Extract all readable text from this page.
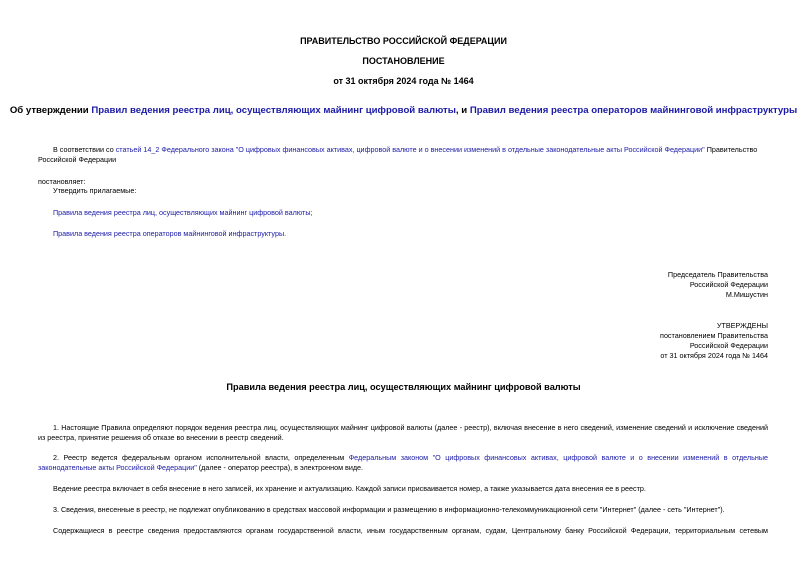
ПРАВИТЕЛЬСТВО РОССИЙСКОЙ ФЕДЕРАЦИИ
ПОСТАНОВЛЕНИЕ
от 31 октября 2024 года № 1464
Об утверждении Правил ведения реестра лиц, осуществляющих майнинг цифровой валюты, и Правил ведения реестра операторов майнинговой инфраструктуры
В соответствии со статьей 14_2 Федерального закона "О цифровых финансовых активах, цифровой валюте и о внесении изменений в отдельные законодательные акты Российской Федерации" Правительство
Российской Федерации
постановляет:
Утвердить прилагаемые:
Правила ведения реестра лиц, осуществляющих майнинг цифровой валюты;
Правила ведения реестра операторов майнинговой инфраструктуры.
Председатель Правительства
Российской Федерации
М.Мишустин
УТВЕРЖДЕНЫ
постановлением Правительства
Российской Федерации
от 31 октября 2024 года № 1464
Правила ведения реестра лиц, осуществляющих майнинг цифровой валюты
1. Настоящие Правила определяют порядок ведения реестра лиц, осуществляющих майнинг цифровой валюты (далее - реестр), включая внесение в него сведений, изменение сведений и исключение сведений из реестра, принятие решения об отказе во внесении в реестр сведений.
2. Реестр ведется федеральным органом исполнительной власти, определенным Федеральным законом "О цифровых финансовых активах, цифровой валюте и о внесении изменений в отдельные законодательные акты Российской Федерации" (далее - оператор реестра), в электронном виде.
Ведение реестра включает в себя внесение в него записей, их хранение и актуализацию. Каждой записи присваивается номер, а также указывается дата внесения ее в реестр.
3. Сведения, внесенные в реестр, не подлежат опубликованию в средствах массовой информации и размещению в информационно-телекоммуникационной сети "Интернет" (далее - сеть "Интернет").
Содержащиеся в реестре сведения предоставляются органам государственной власти, иным государственным органам, судам, Центральному банку Российской Федерации, территориальным сетевым
